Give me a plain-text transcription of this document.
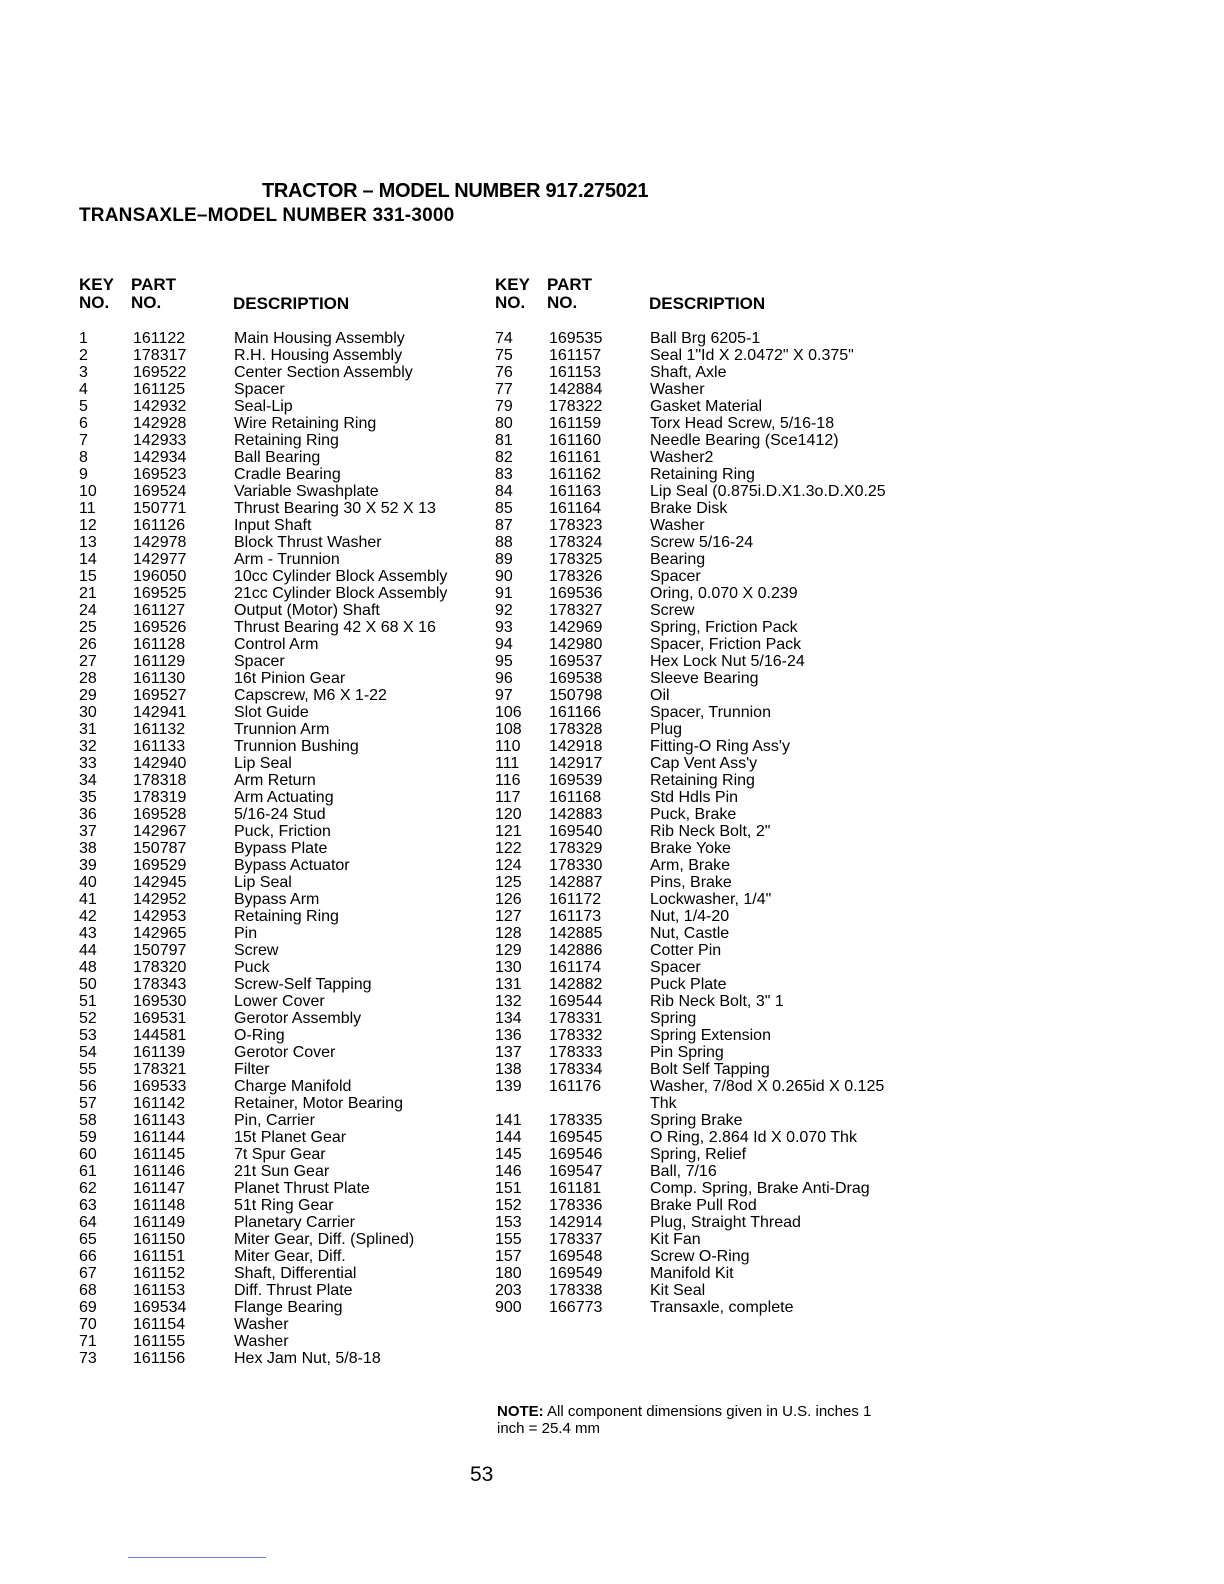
TRACTOR – MODEL NUMBER 917.275021
TRANSAXLE–MODEL NUMBER 331-3000
KEY
NO.
PART
NO.	DESCRIPTION
1	161122	Main Housing Assembly
2	178317	R.H. Housing Assembly
3	169522	Center Section Assembly
4	161125	Spacer
5	142932	Seal-Lip
6	142928	Wire Retaining Ring
7	142933	Retaining Ring
8	142934	Ball Bearing
9	169523	Cradle Bearing
10 169524	Variable Swashplate
11 150771	Thrust Bearing 30 X 52 X 13
12 161126	Input Shaft
13 142978	Block Thrust Washer
14 142977	Arm - Trunnion
15 196050	10cc Cylinder Block Assembly
21 169525	21cc Cylinder Block Assembly
24 161127	Output (Motor) Shaft
25 169526	Thrust Bearing 42 X 68 X 16
26 161128	Control Arm
27 161129	Spacer
28 161130	16t Pinion Gear
29 169527	Capscrew, M6 X 1-22
30 142941	Slot Guide
31 161132	Trunnion Arm
32 161133	Trunnion Bushing
33 142940	Lip Seal
34 178318	Arm Return
35 178319	Arm Actuating
36 169528	5/16-24 Stud
37 142967	Puck, Friction
38 150787	Bypass Plate
39 169529	Bypass Actuator
40 142945	Lip Seal
41 142952	Bypass Arm
42 142953	Retaining Ring
43 142965	Pin
44 150797	Screw
48 178320	Puck
50 178343	Screw-Self Tapping
51 169530	Lower Cover
52 169531	Gerotor Assembly
53 144581	O-Ring
54 161139	Gerotor Cover
55 178321	Filter
56 169533	Charge Manifold
57 161142	Retainer, Motor Bearing
58 161143	Pin, Carrier
59 161144	15t Planet Gear
60 161145	7t Spur Gear
61 161146	21t Sun Gear
62 161147	Planet Thrust Plate
63 161148	51t Ring Gear
64 161149	Planetary Carrier
65 161150	Miter Gear, Diff. (Splined)
66 161151	Miter Gear, Diff.
67 161152	Shaft, Differential
68 161153	Diff. Thrust Plate
69 169534	Flange Bearing
70 161154	Washer
71 161155	Washer
73 161156	Hex Jam Nut, 5/8-18
KEY
NO.
PART
NO.	DESCRIPTION
74 169535	Ball Brg 6205-1
75 161157	Seal 1"Id X 2.0472" X 0.375"
76 161153	Shaft, Axle
77 142884	Washer
79 178322	Gasket Material
80 161159	Torx Head Screw, 5/16-18
81 161160	Needle Bearing (Sce1412)
82 161161	Washer2
83 161162	Retaining Ring
84 161163	Lip Seal (0.875i.D.X1.3o.D.X0.25
85 161164	Brake Disk
87 178323	Washer
88 178324	Screw 5/16-24
89 178325	Bearing
90 178326	Spacer
91 169536	Oring, 0.070 X 0.239
92 178327	Screw
93 142969	Spring, Friction Pack
94 142980	Spacer, Friction Pack
95 169537	Hex Lock Nut 5/16-24
96 169538	Sleeve Bearing
97 150798	Oil
106 161166	Spacer, Trunnion
108 178328	Plug
110 142918	Fitting-O Ring Ass'y
111 142917	Cap Vent Ass'y
116 169539	Retaining Ring
117 161168	Std Hdls Pin
120 142883	Puck, Brake
121 169540	Rib Neck Bolt, 2"
122 178329	Brake Yoke
124 178330	Arm, Brake
125 142887	Pins, Brake
126 161172	Lockwasher, 1/4"
127 161173	Nut, 1/4-20
128 142885	Nut, Castle
129 142886	Cotter Pin
130 161174	Spacer
131 142882	Puck Plate
132 169544	Rib Neck Bolt, 3" 1
134 178331	Spring
136 178332	Spring Extension
137 178333	Pin Spring
138 178334	Bolt Self Tapping
139 161176	Washer, 7/8od X 0.265id X 0.125 Thk
141 178335	Spring Brake
144 169545	O Ring, 2.864 Id X 0.070 Thk
145 169546	Spring, Relief
146 169547	Ball, 7/16
151 161181	Comp. Spring, Brake Anti-Drag
152 178336	Brake Pull Rod
153 142914	Plug, Straight Thread
155 178337	Kit Fan
157 169548	Screw O-Ring
180 169549	Manifold Kit
203 178338	Kit Seal
900 166773	Transaxle, complete
NOTE: All component dimensions given in U.S. inches 1 inch = 25.4 mm
53
